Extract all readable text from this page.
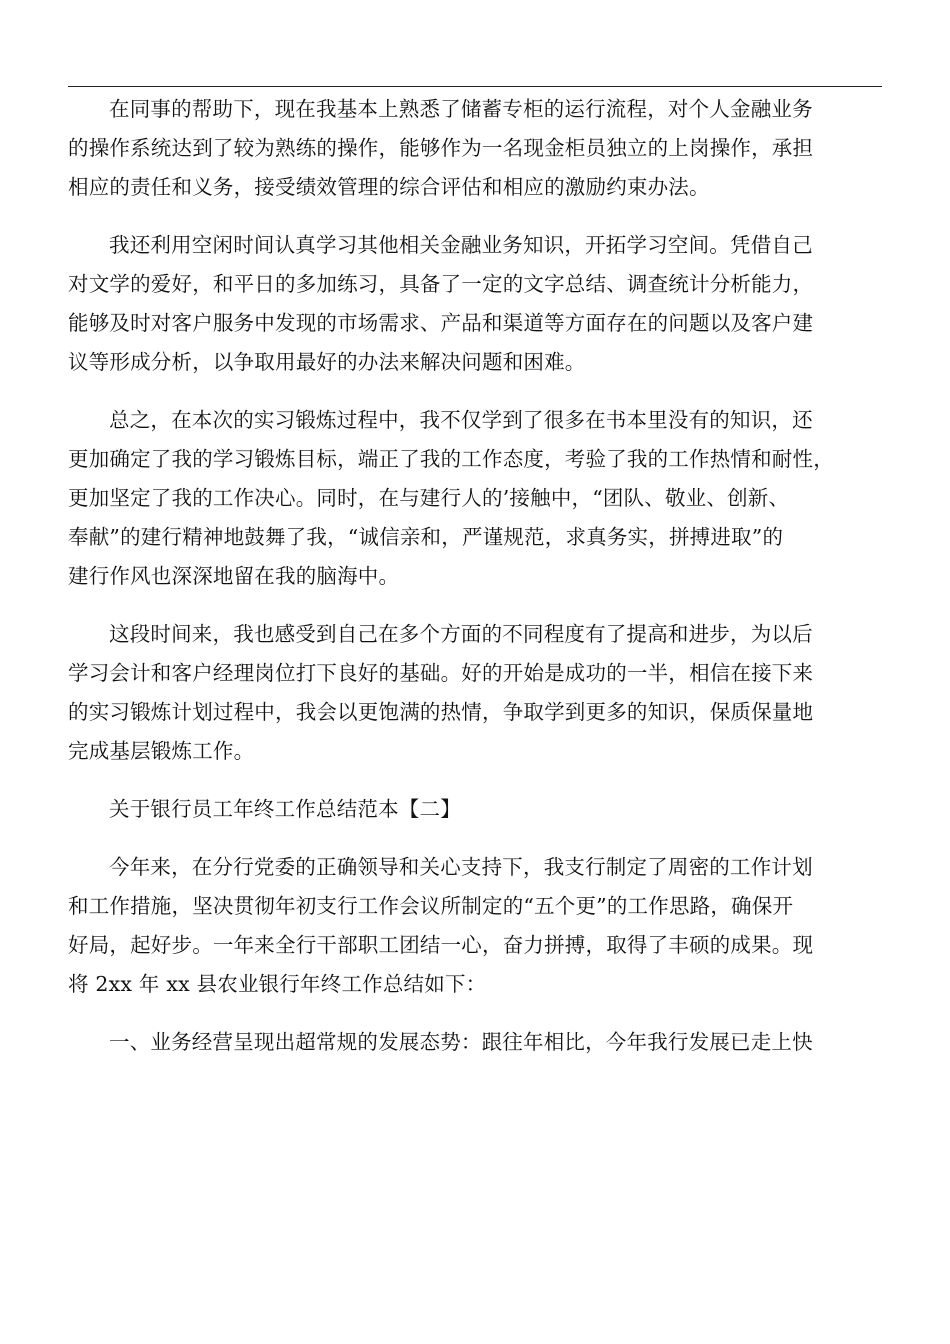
在同事的帮助下，现在我基本上熟悉了储蓄专柜的运行流程，对个人金融业务
的操作系统达到了较为熟练的操作，能够作为一名现金柜员独立的上岗操作，承担
相应的责任和义务，接受绩效管理的综合评估和相应的激励约束办法。

我还利用空闲时间认真学习其他相关金融业务知识，开拓学习空间。凭借自己
对文学的爱好，和平日的多加练习，具备了一定的文字总结、调查统计分析能力，
能够及时对客户服务中发现的市场需求、产品和渠道等方面存在的问题以及客户建
议等形成分析，以争取用最好的办法来解决问题和困难。

总之，在本次的实习锻炼过程中，我不仅学到了很多在书本里没有的知识，还
更加确定了我的学习锻炼目标，端正了我的工作态度，考验了我的工作热情和耐性，
更加坚定了我的工作决心。同时，在与建行人的’接触中，“团队、敬业、创新、
奉献”的建行精神地鼓舞了我，“诚信亲和，严谨规范，求真务实，拼搏进取”的
建行作风也深深地留在我的脑海中。

这段时间来，我也感受到自己在多个方面的不同程度有了提高和进步，为以后
学习会计和客户经理岗位打下良好的基础。好的开始是成功的一半，相信在接下来
的实习锻炼计划过程中，我会以更饱满的热情，争取学到更多的知识，保质保量地
完成基层锻炼工作。

关于银行员工年终工作总结范本【二】

今年来，在分行党委的正确领导和关心支持下，我支行制定了周密的工作计划
和工作措施，坚决贯彻年初支行工作会议所制定的“五个更”的工作思路，确保开
好局，起好步。一年来全行干部职工团结一心，奋力拼搏，取得了丰硕的成果。现
将 2xx 年 xx 县农业银行年终工作总结如下：

一、业务经营呈现出超常规的发展态势：跟往年相比，今年我行发展已走上快
